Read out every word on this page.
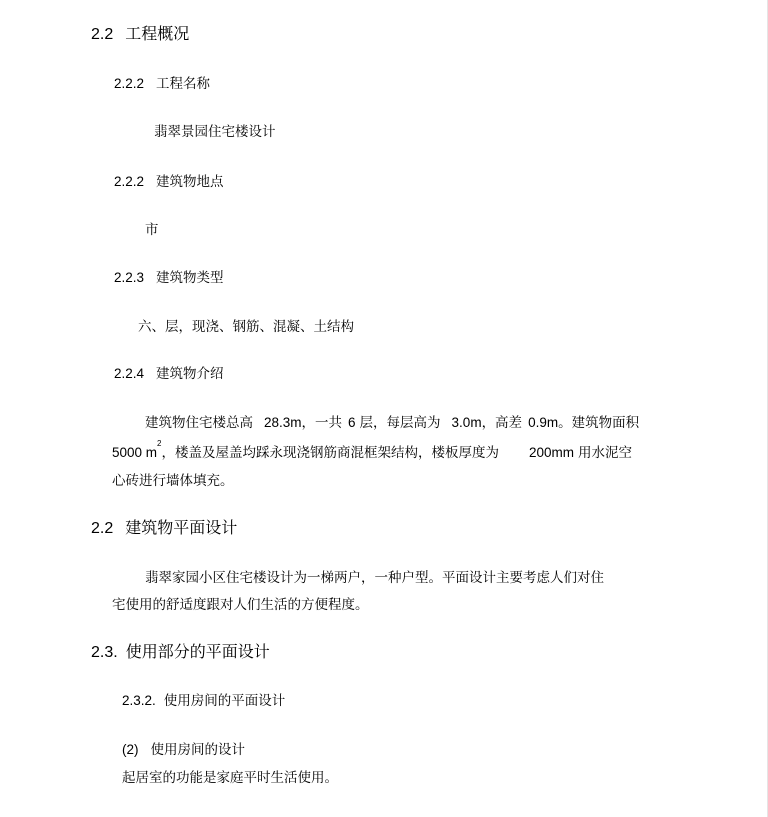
2.2 工程概况
2.2.2 工程名称
翡翠景园住宅楼设计
2.2.2 建筑物地点
市
2.2.3 建筑物类型
六、层，现浇、钢筋、混凝、土结构
2.2.4 建筑物介绍
建筑物住宅楼总高 28.3m，一共 6 层，每层高为 3.0m，高差 0.9m。建筑物面积
5000 $m^2$，楼盖及屋盖均踩永现浇钢筋商混框架结构，楼板厚度为 200mm 用水泥空
心砖进行墙体填充。
2.2 建筑物平面设计
翡翠家园小区住宅楼设计为一梯两户，一种户型。平面设计主要考虑人们对住
宅使用的舒适度跟对人们生活的方便程度。
2.3. 使用部分的平面设计
2.3.2. 使用房间的平面设计
(2) 使用房间的设计
起居室的功能是家庭平时生活使用。
